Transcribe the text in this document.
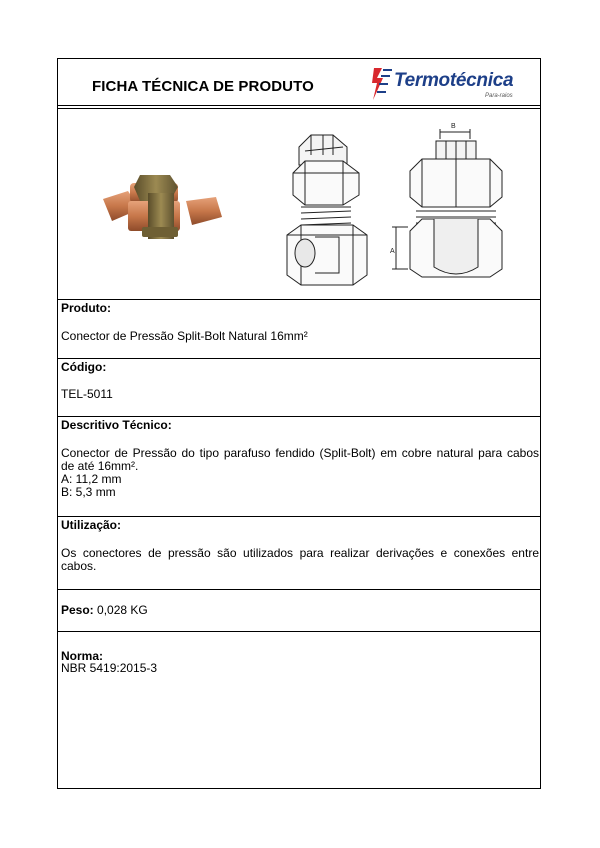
FICHA TÉCNICA DE PRODUTO	Termotécnica
Para-raios
B
A
Produto:
Conector de Pressão Split-Bolt Natural 16mm²
Código:
TEL-5011
Descritivo Técnico:
Conector de Pressão do tipo parafuso fendido (Split-Bolt) em cobre natural para cabos
de até 16mm².
A: 11,2 mm
B: 5,3 mm
Utilização:
Os conectores de pressão são utilizados para realizar derivações e conexões entre
cabos.
Peso: 0,028 KG
Norma:
NBR 5419:2015-3
